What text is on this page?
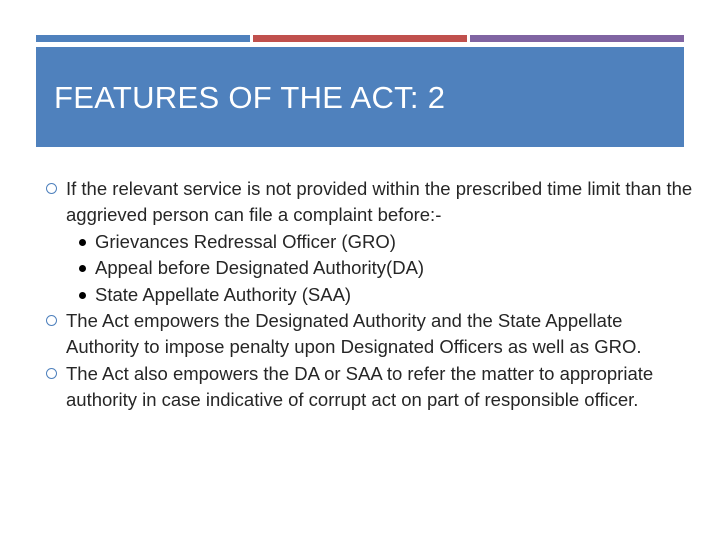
FEATURES OF THE ACT: 2
If the relevant service is not provided within the prescribed time limit than the aggrieved person can file a complaint before:-
Grievances Redressal Officer (GRO)
Appeal before Designated Authority(DA)
State Appellate Authority (SAA)
The Act empowers the Designated Authority and the State Appellate Authority to impose penalty upon Designated Officers as well as GRO.
The Act also empowers the DA or SAA to refer the matter to appropriate authority in case indicative of corrupt act on part of responsible officer.
